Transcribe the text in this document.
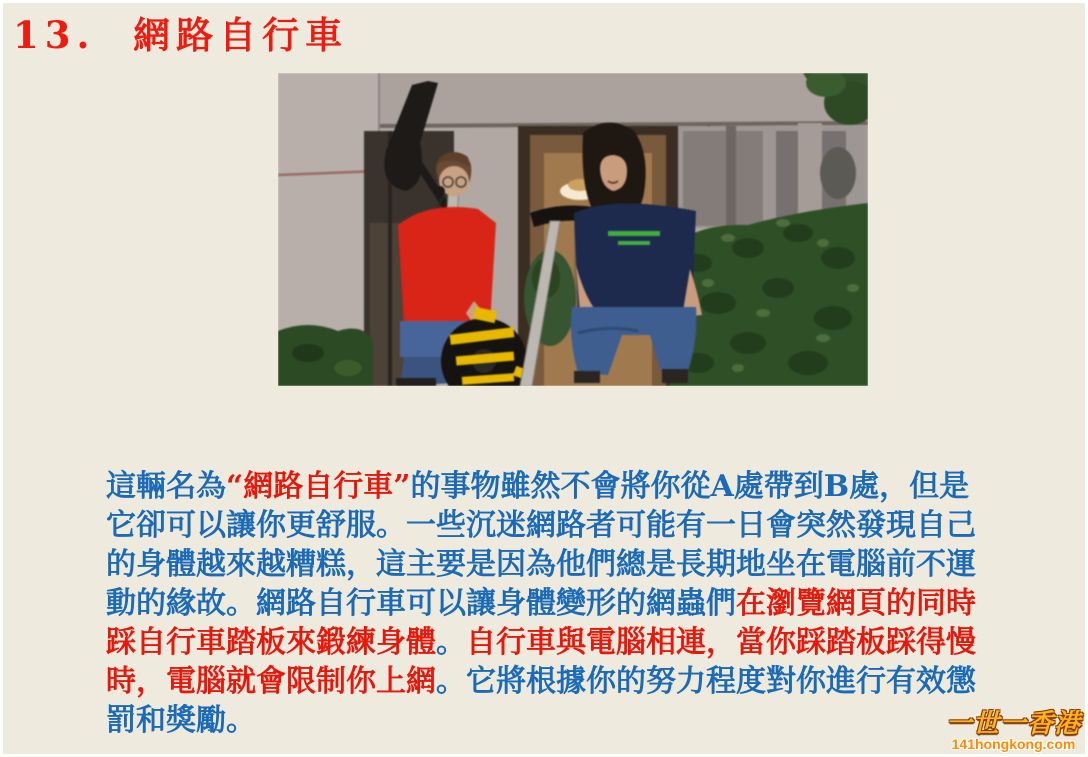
13.  網路自行車

這輛名為“網路自行車”的事物雖然不會將你從A處帶到B處，但是它卻可以讓你更舒服。一些沉迷網路者可能有一日會突然發現自己的身體越來越糟糕，這主要是因為他們總是長期地坐在電腦前不運動的緣故。網路自行車可以讓身體變形的網蟲們在瀏覽網頁的同時踩自行車踏板來鍛練身體。自行車與電腦相連，當你踩踏板踩得慢時，電腦就會限制你上網。它將根據你的努力程度對你進行有效懲罰和獎勵。	一世一香港
141hongkong.com
